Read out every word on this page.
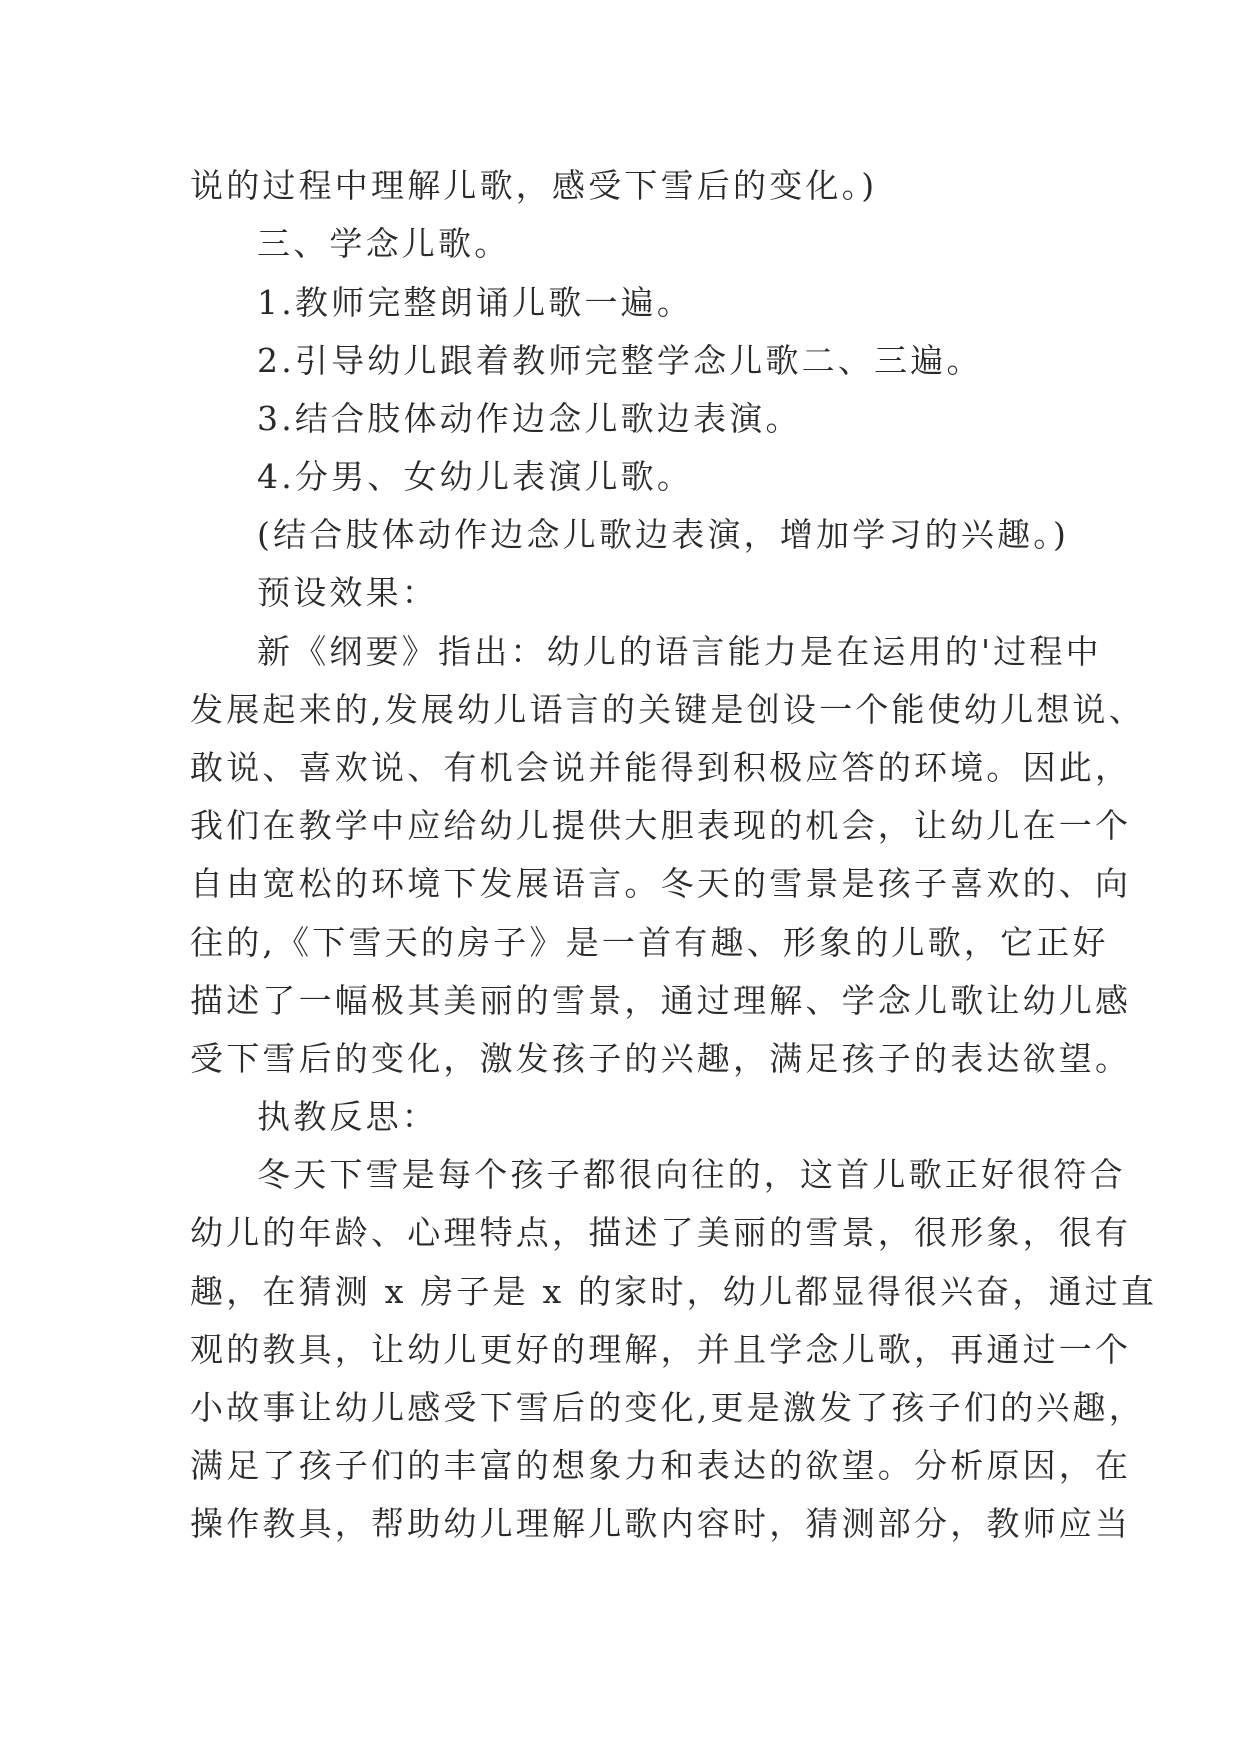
说的过程中理解儿歌，感受下雪后的变化。)
三、学念儿歌。
1.教师完整朗诵儿歌一遍。
2.引导幼儿跟着教师完整学念儿歌二、三遍。
3.结合肢体动作边念儿歌边表演。
4.分男、女幼儿表演儿歌。
(结合肢体动作边念儿歌边表演，增加学习的兴趣。)
预设效果：
新《纲要》指出：幼儿的语言能力是在运用的'过程中
发展起来的,发展幼儿语言的关键是创设一个能使幼儿想说、
敢说、喜欢说、有机会说并能得到积极应答的环境。因此，
我们在教学中应给幼儿提供大胆表现的机会，让幼儿在一个
自由宽松的环境下发展语言。冬天的雪景是孩子喜欢的、向
往的,《下雪天的房子》是一首有趣、形象的儿歌，它正好
描述了一幅极其美丽的雪景，通过理解、学念儿歌让幼儿感
受下雪后的变化，激发孩子的兴趣，满足孩子的表达欲望。
执教反思：
冬天下雪是每个孩子都很向往的，这首儿歌正好很符合
幼儿的年龄、心理特点，描述了美丽的雪景，很形象，很有
趣，在猜测 x 房子是 x 的家时，幼儿都显得很兴奋，通过直
观的教具，让幼儿更好的理解，并且学念儿歌，再通过一个
小故事让幼儿感受下雪后的变化,更是激发了孩子们的兴趣，
满足了孩子们的丰富的想象力和表达的欲望。分析原因，在
操作教具，帮助幼儿理解儿歌内容时，猜测部分，教师应当
